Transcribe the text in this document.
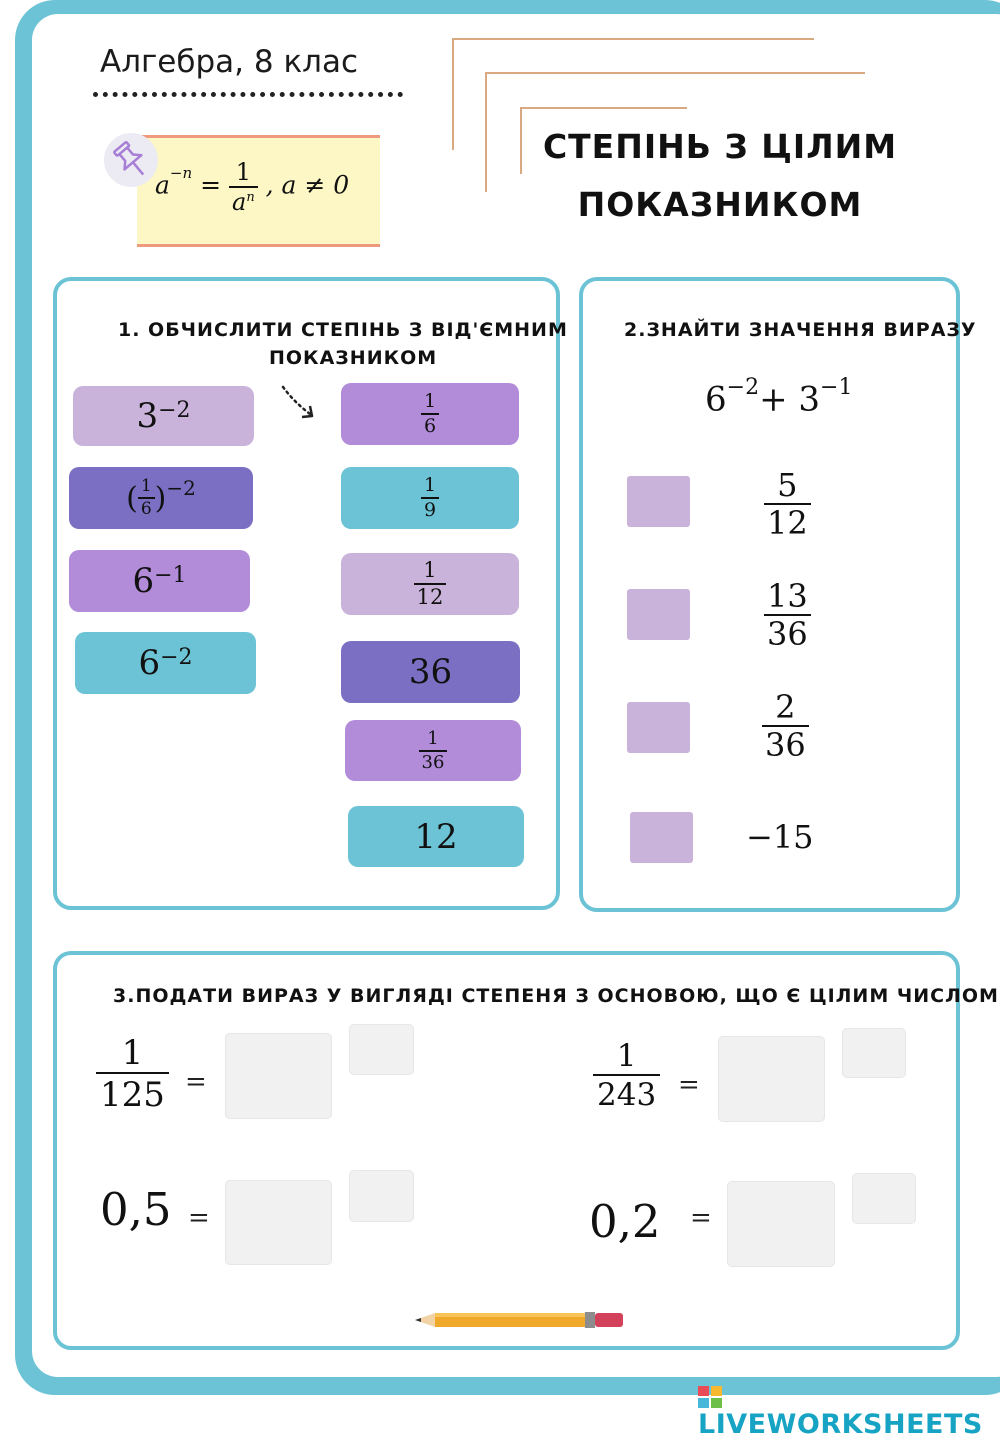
Алгебра, 8 клас
СТЕПІНЬ З ЦІЛИМ
ПОКАЗНИКОМ
$a^{-n} = \frac{1}{a^n}$ , a ≠ 0
1. ОБЧИСЛИТИ СТЕПІНЬ З ВІД'ЄМНИМ
ПОКАЗНИКОМ
$3^{-2}$
( $\frac{1}{6} )^{-2}$
$6^{-1}$
$6^{-2}$
$\frac{1}{6}$
$\frac{1}{9}$
$\frac{1}{12}$
36
$\frac{1}{36}$
12
2.ЗНАЙТИ ЗНАЧЕННЯ ВИРАЗУ
$6^{-2}+ 3^{-1}$
$\frac{5}{12}$
$\frac{13}{36}$
$\frac{2}{36}$
−15
3.ПОДАТИ ВИРАЗ У ВИГЛЯДІ СТЕПЕНЯ З ОСНОВОЮ, ЩО Є ЦІЛИМ ЧИСЛОМ
$\frac{1}{125}$ =	$\frac{1}{243}$ =
0,5 =	0,2 =
LIVEWORKSHEETS
